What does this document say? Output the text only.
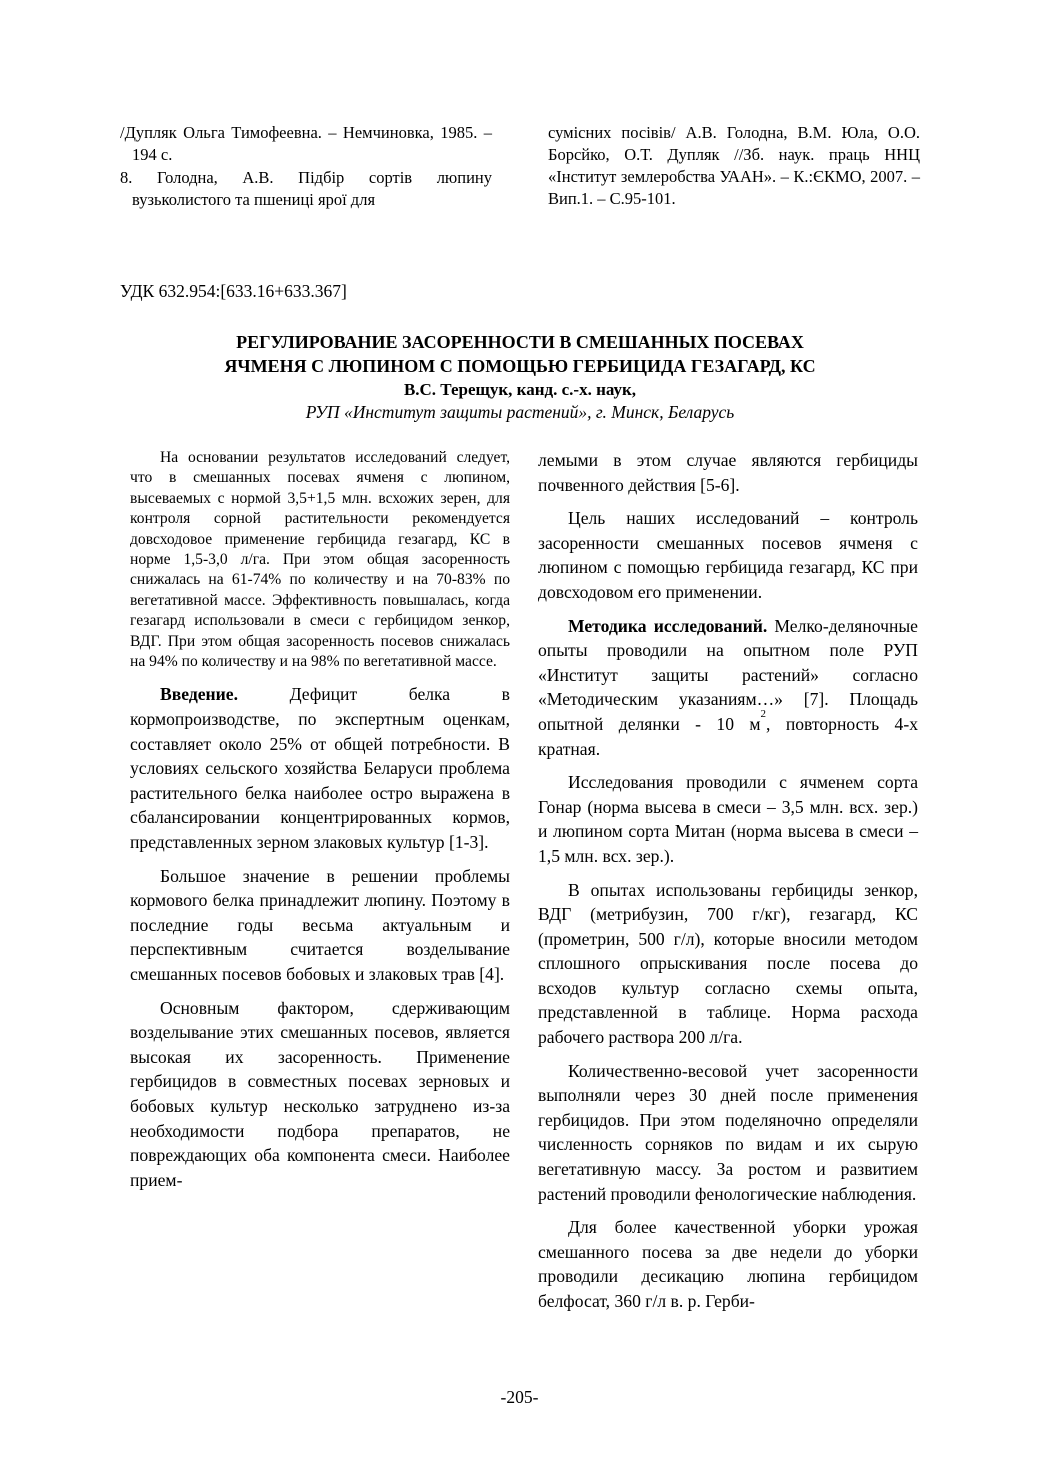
/Дупляк Ольга Тимофеевна. – Немчиновка, 1985. – 194 с.

8. Голодна, А.В. Підбір сортів люпину вузьколистого та пшениці ярої для

сумісних посівів/ А.В. Голодна, В.М. Юла, О.О. Борсйко, О.Т. Дупляк //Зб. наук. праць ННЦ «Інститут землеробства УААН». – К.:ЄКМО, 2007. – Вип.1. – С.95-101.

УДК 632.954:[633.16+633.367]
РЕГУЛИРОВАНИЕ ЗАСОРЕННОСТИ В СМЕШАННЫХ ПОСЕВАХ
ЯЧМЕНЯ С ЛЮПИНОМ С ПОМОЩЬЮ ГЕРБИЦИДА ГЕЗАГАРД, КС
В.С. Терещук, канд. с.-х. наук,
РУП «Институт защиты растений», г. Минск, Беларусь

На основании результатов исследований следует, что в смешанных посевах ячменя с люпином, высеваемых с нормой 3,5+1,5 млн. всхожих зерен, для контроля сорной растительности рекомендуется довсходовое применение гербицида гезагард, КС в норме 1,5-3,0 л/га. При этом общая засоренность снижалась на 61-74% по количеству и на 70-83% по вегетативной массе. Эффективность повышалась, когда гезагард использовали в смеси с гербицидом зенкор, ВДГ. При этом общая засоренность посевов снижалась на 94% по количеству и на 98% по вегетативной массе.

Введение. Дефицит белка в кормопроизводстве, по экспертным оценкам, составляет около 25% от общей потребности. В условиях сельского хозяйства Беларуси проблема растительного белка наиболее остро выражена в сбалансировании концентрированных кормов, представленных зерном злаковых культур [1-3].

Большое значение в решении проблемы кормового белка принадлежит люпину. Поэтому в последние годы весьма актуальным и перспективным считается возделывание смешанных посевов бобовых и злаковых трав [4].

Основным фактором, сдерживающим возделывание этих смешанных посевов, является высокая их засоренность. Применение гербицидов в совместных посевах зерновых и бобовых культур несколько затруднено из-за необходимости подбора препаратов, не повреждающих оба компонента смеси. Наиболее прием-

лемыми в этом случае являются гербициды почвенного действия [5-6].

Цель наших исследований – контроль засоренности смешанных посевов ячменя с люпином с помощью гербицида гезагард, КС при довсходовом его применении.

Методика исследований. Мелко-деляночные опыты проводили на опытном поле РУП «Институт защиты растений» согласно «Методическим указаниям…» [7]. Площадь опытной делянки - 10 $м^2$, повторность 4-х кратная.

Исследования проводили с ячменем сорта Гонар (норма высева в смеси – 3,5 млн. всх. зер.) и люпином сорта Митан (норма высева в смеси – 1,5 млн. всх. зер.).

В опытах использованы гербициды зенкор, ВДГ (метрибузин, 700 г/кг), гезагард, КС (прометрин, 500 г/л), которые вносили методом сплошного опрыскивания после посева до всходов культур согласно схемы опыта, представленной в таблице. Норма расхода рабочего раствора 200 л/га.

Количественно-весовой учет засоренности выполняли через 30 дней после применения гербицидов. При этом поделяночно определяли численность сорняков по видам и их сырую вегетативную массу. За ростом и развитием растений проводили фенологические наблюдения.

Для более качественной уборки урожая смешанного посева за две недели до уборки проводили десикацию люпина гербицидом белфосат, 360 г/л в. р. Герби-

-205-
